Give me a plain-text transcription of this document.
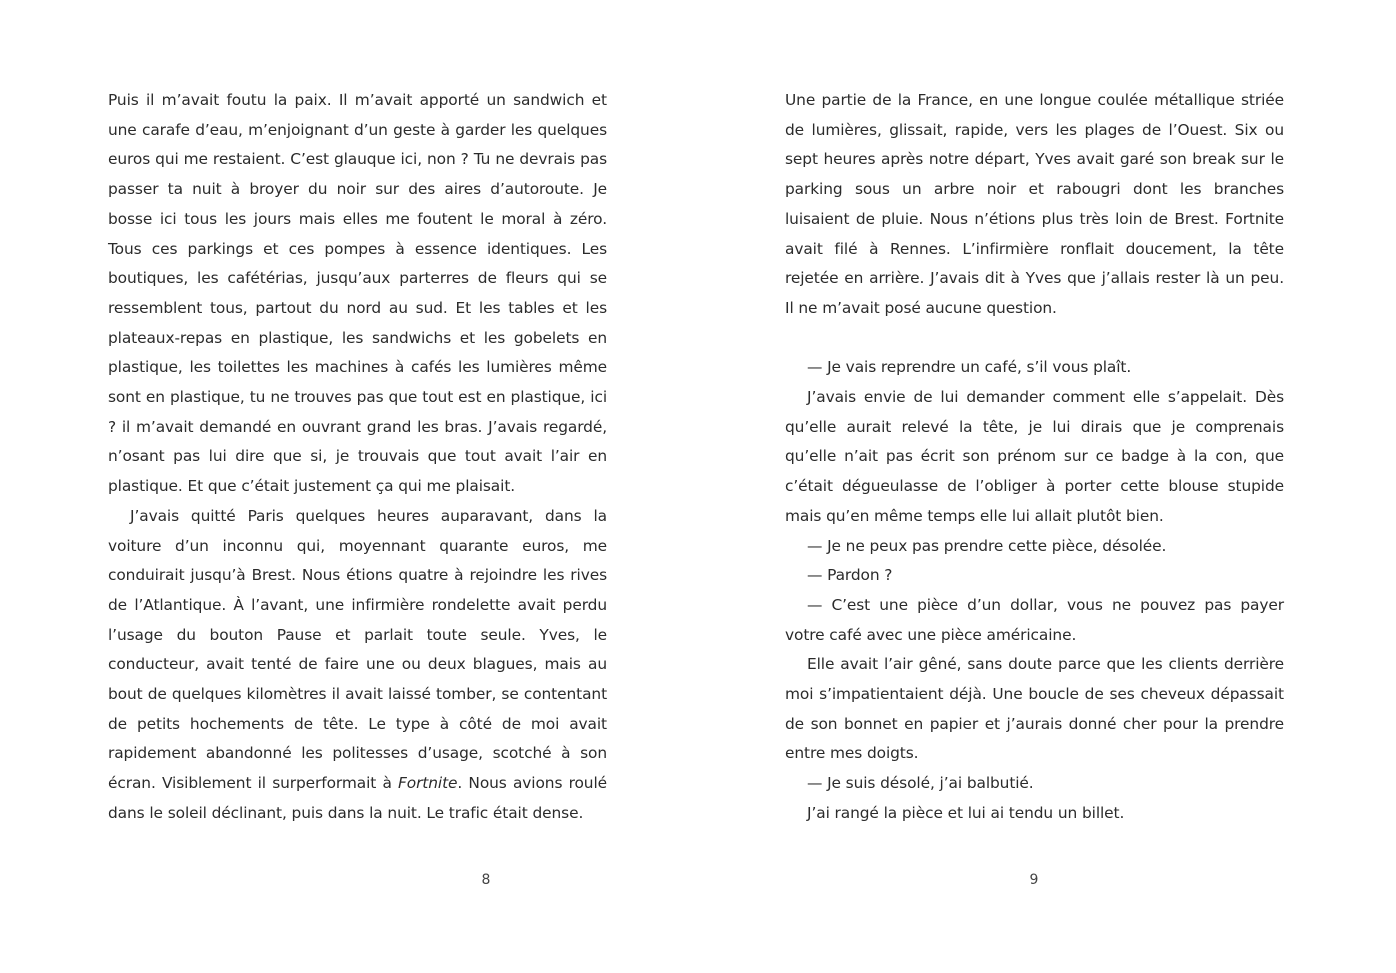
Puis il m’avait foutu la paix. Il m’avait apporté un sandwich et une carafe d’eau, m’enjoignant d’un geste à garder les quelques euros qui me restaient. C’est glauque ici, non ? Tu ne devrais pas passer ta nuit à broyer du noir sur des aires d’autoroute. Je bosse ici tous les jours mais elles me foutent le moral à zéro. Tous ces parkings et ces pompes à essence identiques. Les boutiques, les cafétérias, jusqu’aux parterres de fleurs qui se ressemblent tous, partout du nord au sud. Et les tables et les plateaux-repas en plastique, les sandwichs et les gobelets en plastique, les toilettes les machines à cafés les lumières même sont en plastique, tu ne trouves pas que tout est en plastique, ici ? il m’avait demandé en ouvrant grand les bras. J’avais regardé, n’osant pas lui dire que si, je trouvais que tout avait l’air en plastique. Et que c’était justement ça qui me plaisait.

J’avais quitté Paris quelques heures auparavant, dans la voiture d’un inconnu qui, moyennant quarante euros, me conduirait jusqu’à Brest. Nous étions quatre à rejoindre les rives de l’Atlantique. À l’avant, une infirmière rondelette avait perdu l’usage du bouton Pause et parlait toute seule. Yves, le conducteur, avait tenté de faire une ou deux blagues, mais au bout de quelques kilomètres il avait laissé tomber, se contentant de petits hochements de tête. Le type à côté de moi avait rapidement abandonné les politesses d’usage, scotché à son écran. Visiblement il surperformait à Fortnite. Nous avions roulé dans le soleil déclinant, puis dans la nuit. Le trafic était dense.

Une partie de la France, en une longue coulée métallique striée de lumières, glissait, rapide, vers les plages de l’Ouest. Six ou sept heures après notre départ, Yves avait garé son break sur le parking sous un arbre noir et rabougri dont les branches luisaient de pluie. Nous n’étions plus très loin de Brest. Fortnite avait filé à Rennes. L’infirmière ronflait doucement, la tête rejetée en arrière. J’avais dit à Yves que j’allais rester là un peu. Il ne m’avait posé aucune question.

— Je vais reprendre un café, s’il vous plaît.

J’avais envie de lui demander comment elle s’appelait. Dès qu’elle aurait relevé la tête, je lui dirais que je comprenais qu’elle n’ait pas écrit son prénom sur ce badge à la con, que c’était dégueulasse de l’obliger à porter cette blouse stupide mais qu’en même temps elle lui allait plutôt bien.

— Je ne peux pas prendre cette pièce, désolée.

— Pardon ?

— C’est une pièce d’un dollar, vous ne pouvez pas payer votre café avec une pièce américaine.

Elle avait l’air gêné, sans doute parce que les clients derrière moi s’impatientaient déjà. Une boucle de ses cheveux dépassait de son bonnet en papier et j’aurais donné cher pour la prendre entre mes doigts.

— Je suis désolé, j’ai balbutié.

J’ai rangé la pièce et lui ai tendu un billet.

8	9
